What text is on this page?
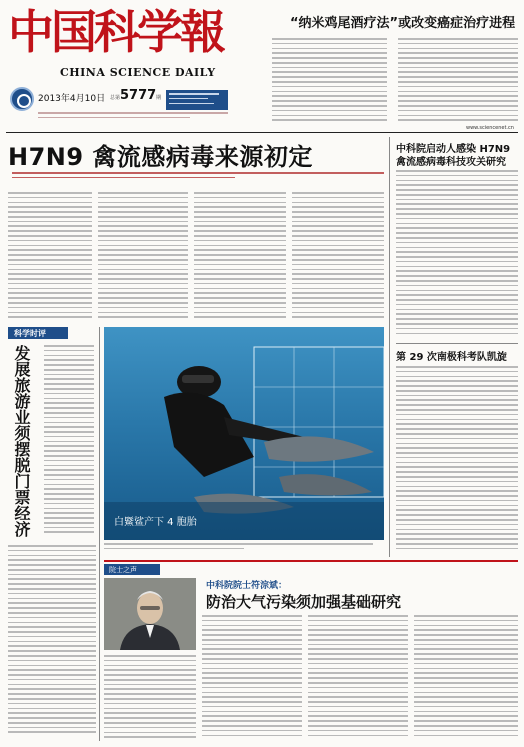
中国科学報
CHINA SCIENCE DAILY
2013年4月10日 总第 5777 期
“纳米鸡尾酒疗法”或改变癌症治疗进程
www.sciencenet.cn
H7N9 禽流感病毒来源初定	中科院启动人感染 H7N9
禽流感病毒科技攻关研究
第 29 次南极科考队凯旋
科学时评
发展旅游业须摆脱门票经济	白鱀鲨产下 4 胞胎
院士之声
中科院院士符淙斌：
防治大气污染须加强基础研究
